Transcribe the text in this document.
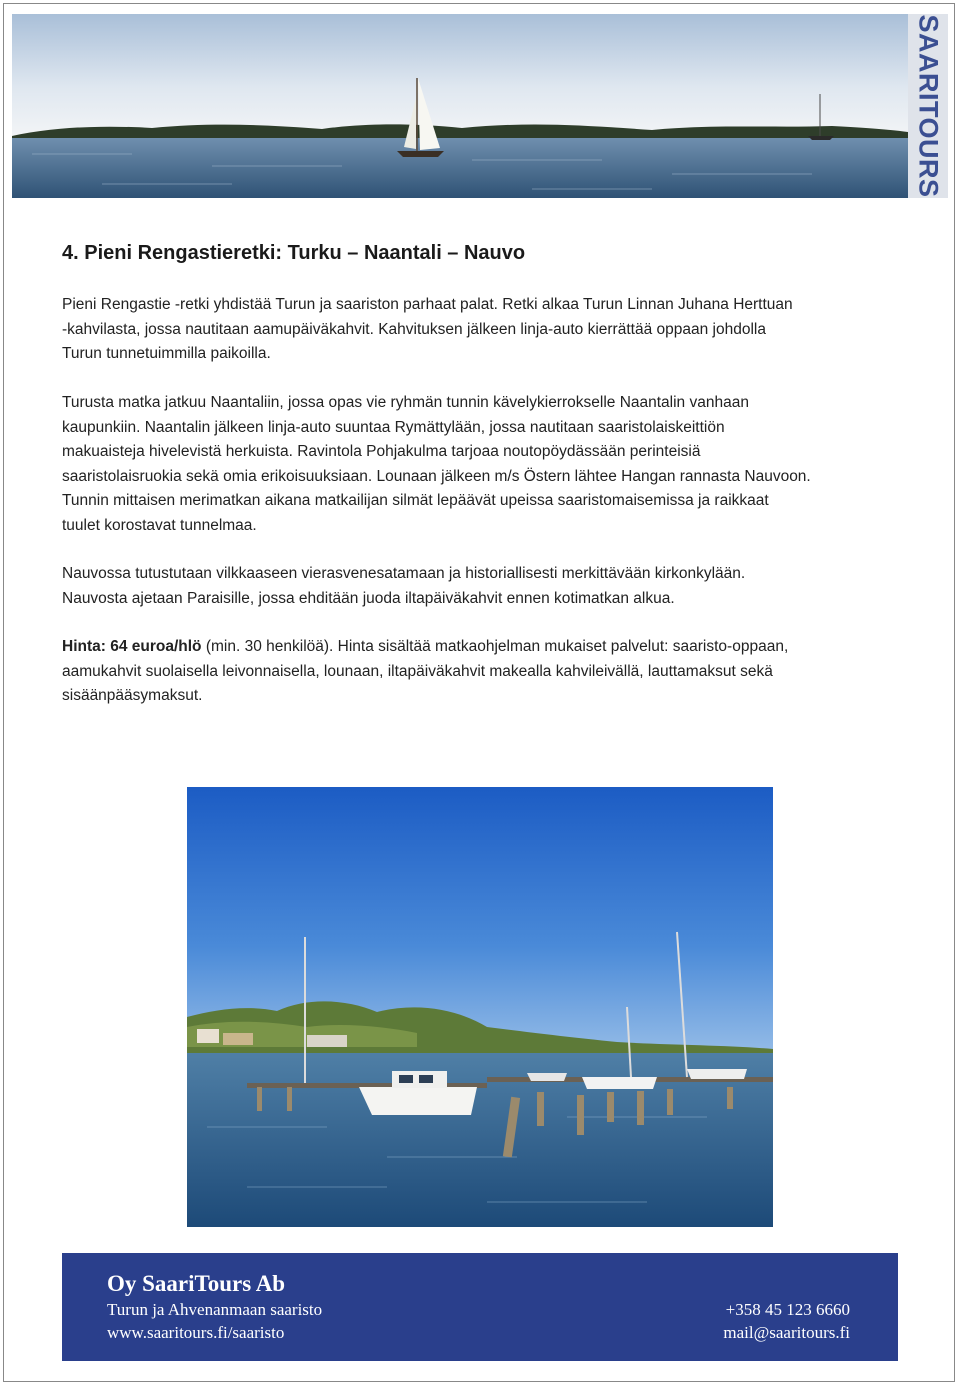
SAARITOURS
4. Pieni Rengastieretki: Turku – Naantali – Nauvo

Pieni Rengastie -retki yhdistää Turun ja saariston parhaat palat. Retki alkaa Turun Linnan Juhana Herttuan
-kahvilasta, jossa nautitaan aamupäiväkahvit. Kahvituksen jälkeen linja-auto kierrättää oppaan johdolla
Turun tunnetuimmilla paikoilla.

Turusta matka jatkuu Naantaliin, jossa opas vie ryhmän tunnin kävelykierrokselle Naantalin vanhaan
kaupunkiin. Naantalin jälkeen linja-auto suuntaa Rymättylään, jossa nautitaan saaristolaiskeittiön
makuaisteja hivelevistä herkuista. Ravintola Pohjakulma tarjoaa noutopöydässään perinteisiä
saaristolaisruokia sekä omia erikoisuuksiaan. Lounaan jälkeen m/s Östern lähtee Hangan rannasta Nauvoon.
Tunnin mittaisen merimatkan aikana matkailijan silmät lepäävät upeissa saaristomaisemissa ja raikkaat
tuulet korostavat tunnelmaa.

Nauvossa tutustutaan vilkkaaseen vierasvenesatamaan ja historiallisesti merkittävään kirkonkylään.
Nauvosta ajetaan Paraisille, jossa ehditään juoda iltapäiväkahvit ennen kotimatkan alkua.

Hinta: 64 euroa/hlö (min. 30 henkilöä). Hinta sisältää matkaohjelman mukaiset palvelut: saaristo-oppaan,
aamukahvit suolaisella leivonnaisella, lounaan, iltapäiväkahvit makealla kahvileivällä, lauttamaksut sekä
sisäänpääsymaksut.

Oy SaariTours Ab
Turun ja Ahvenanmaan saaristo
www.saaritours.fi/saaristo
+358 45 123 6660
mail@saaritours.fi
